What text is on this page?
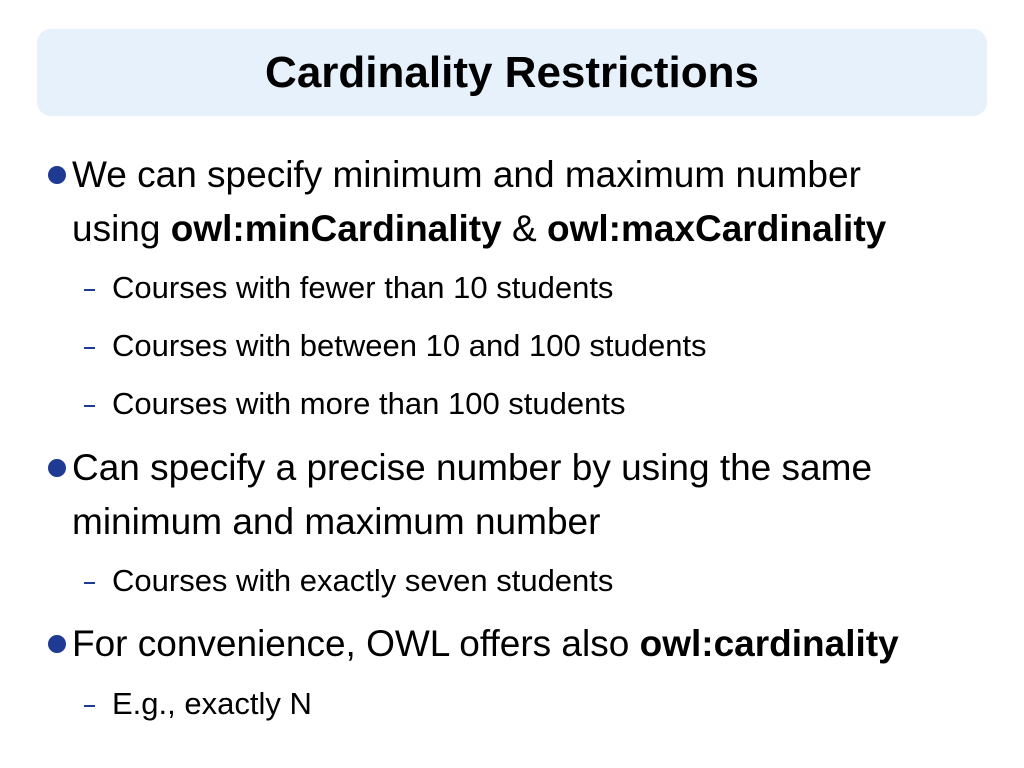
Cardinality Restrictions
We can specify minimum and maximum number
using owl:minCardinality & owl:maxCardinality
Courses with fewer than 10 students
Courses with between 10 and 100 students
Courses with more than 100 students
Can specify a precise number by using the same
minimum and maximum number
Courses with exactly seven students
For convenience, OWL offers also owl:cardinality
E.g., exactly N
